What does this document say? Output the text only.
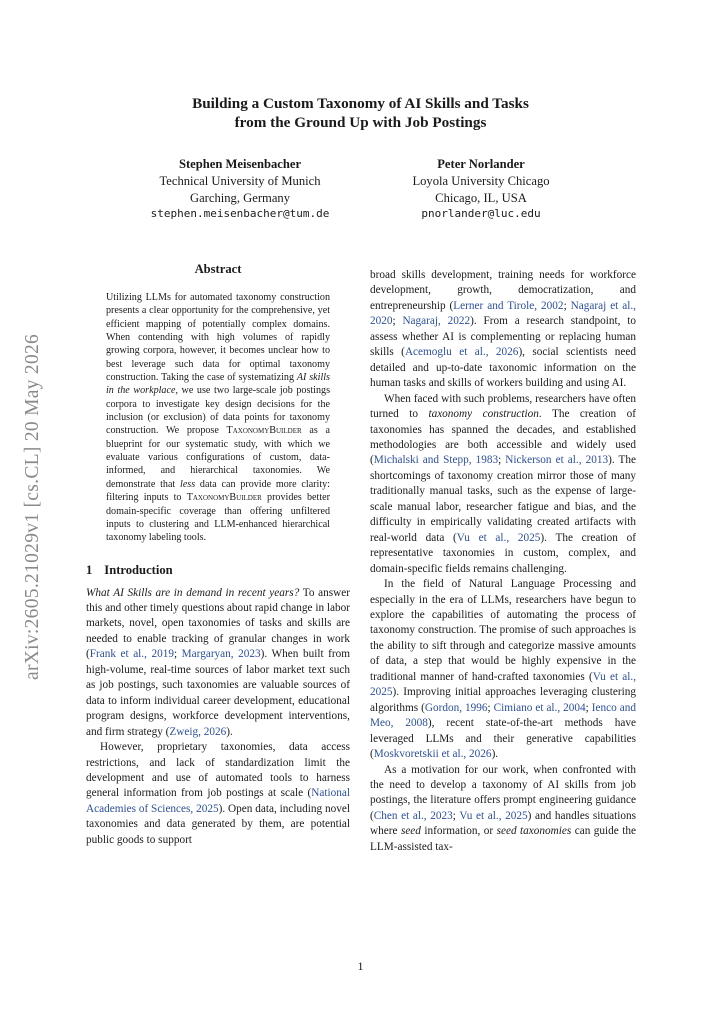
arXiv:2605.21029v1 [cs.CL] 20 May 2026
Building a Custom Taxonomy of AI Skills and Tasks
from the Ground Up with Job Postings
Stephen Meisenbacher
Technical University of Munich
Garching, Germany
stephen.meisenbacher@tum.de
Peter Norlander
Loyola University Chicago
Chicago, IL, USA
pnorlander@luc.edu
Abstract
Utilizing LLMs for automated taxonomy construction presents a clear opportunity for the comprehensive, yet efficient mapping of potentially complex domains. When contending with high volumes of rapidly growing corpora, however, it becomes unclear how to best leverage such data for optimal taxonomy construction. Taking the case of systematizing AI skills in the workplace, we use two large-scale job postings corpora to investigate key design decisions for the inclusion (or exclusion) of data points for taxonomy construction. We propose TaxonomyBuilder as a blueprint for our systematic study, with which we evaluate various configurations of custom, data-informed, and hierarchical taxonomies. We demonstrate that less data can provide more clarity: filtering inputs to TaxonomyBuilder provides better domain-specific coverage than offering unfiltered inputs to clustering and LLM-enhanced hierarchical taxonomy labeling tools.
1 Introduction

What AI Skills are in demand in recent years? To answer this and other timely questions about rapid change in labor markets, novel, open taxonomies of tasks and skills are needed to enable tracking of granular changes in work (Frank et al., 2019; Margaryan, 2023). When built from high-volume, real-time sources of labor market text such as job postings, such taxonomies are valuable sources of data to inform individual career development, educational program designs, workforce development interventions, and firm strategy (Zweig, 2026).

However, proprietary taxonomies, data access restrictions, and lack of standardization limit the development and use of automated tools to harness general information from job postings at scale (National Academies of Sciences, 2025). Open data, including novel taxonomies and data generated by them, are potential public goods to support

broad skills development, training needs for workforce development, growth, democratization, and entrepreneurship (Lerner and Tirole, 2002; Nagaraj et al., 2020; Nagaraj, 2022). From a research standpoint, to assess whether AI is complementing or replacing human skills (Acemoglu et al., 2026), social scientists need detailed and up-to-date taxonomic information on the human tasks and skills of workers building and using AI.

When faced with such problems, researchers have often turned to taxonomy construction. The creation of taxonomies has spanned the decades, and established methodologies are both accessible and widely used (Michalski and Stepp, 1983; Nickerson et al., 2013). The shortcomings of taxonomy creation mirror those of many traditionally manual tasks, such as the expense of large-scale manual labor, researcher fatigue and bias, and the difficulty in empirically validating created artifacts with real-world data (Vu et al., 2025). The creation of representative taxonomies in custom, complex, and domain-specific fields remains challenging.

In the field of Natural Language Processing and especially in the era of LLMs, researchers have begun to explore the capabilities of automating the process of taxonomy construction. The promise of such approaches is the ability to sift through and categorize massive amounts of data, a step that would be highly expensive in the traditional manner of hand-crafted taxonomies (Vu et al., 2025). Improving initial approaches leveraging clustering algorithms (Gordon, 1996; Cimiano et al., 2004; Ienco and Meo, 2008), recent state-of-the-art methods have leveraged LLMs and their generative capabilities (Moskvoretskii et al., 2026).

As a motivation for our work, when confronted with the need to develop a taxonomy of AI skills from job postings, the literature offers prompt engineering guidance (Chen et al., 2023; Vu et al., 2025) and handles situations where seed information, or seed taxonomies can guide the LLM-assisted tax-

1
